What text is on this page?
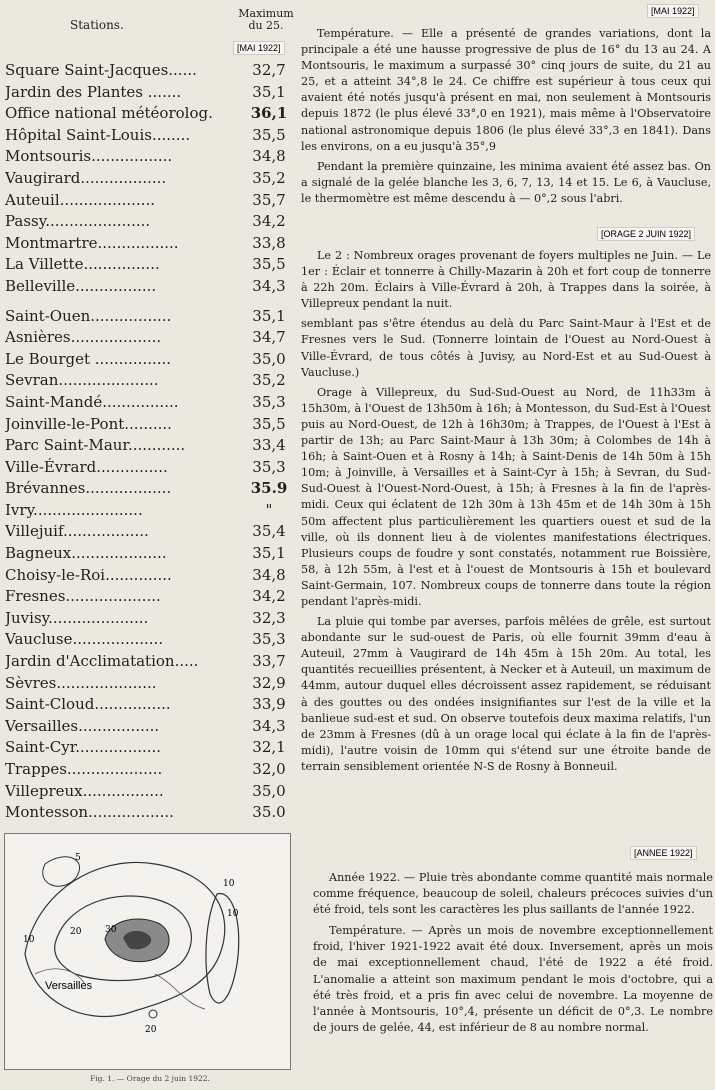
Stations.
Maximum
du 25.
[MAI 1922]
Square Saint-Jacques......	32,7
Jardin des Plantes .......	35,1
Office national météorolog.	36,1
Hôpital Saint-Louis........	35,5
Montsouris.................	34,8
Vaugirard..................	35,2
Auteuil....................	35,7
Passy......................	34,2
Montmartre.................	33,8
La Villette................	35,5
Belleville.................	34,3
Saint-Ouen.................	35,1
Asnières...................	34,7
Le Bourget ................	35,0
Sevran.....................	35,2
Saint-Mandé................	35,3
Joinville-le-Pont..........	35,5
Parc Saint-Maur............	33,4
Ville-Évrard...............	35,3
Brévannes..................	35.9
Ivry.......................	"
Villejuif..................	35,4
Bagneux....................	35,1
Choisy-le-Roi..............	34,8
Fresnes....................	34,2
Juvisy.....................	32,3
Vaucluse...................	35,3
Jardin d'Acclimatation.....	33,7
Sèvres.....................	32,9
Saint-Cloud................	33,9
Versailles.................	34,3
Saint-Cyr..................	32,1
Trappes....................	32,0
Villepreux.................	35,0
Montesson..................	35.0
5
10
20	30
10
10
20
Versailles
Fig. 1. — Orage du 2 juin 1922.
[MAI 1922]

Température. — Elle a présenté de grandes variations, dont la principale a été une hausse progressive de plus de 16° du 13 au 24. A Montsouris, le maximum a surpassé 30° cinq jours de suite, du 21 au 25, et a atteint 34°,8 le 24. Ce chiffre est supérieur à tous ceux qui avaient été notés jusqu'à présent en mai, non seulement à Montsouris depuis 1872 (le plus élevé 33°,0 en 1921), mais même à l'Observatoire national astronomique depuis 1806 (le plus élevé 33°,3 en 1841). Dans les environs, on a eu jusqu'à 35°,9

Pendant la première quinzaine, les minima avaient été assez bas. On a signalé de la gelée blanche les 3, 6, 7, 13, 14 et 15. Le 6, à Vaucluse, le thermomètre est même descendu à — 0°,2 sous l'abri.

[ORAGE 2 JUIN 1922]

Le 2 : Nombreux orages provenant de foyers multiples ne Juin. — Le 1er : Éclair et tonnerre à Chilly-Mazarin à 20h et fort coup de tonnerre à 22h 20m. Éclairs à Ville-Évrard à 20h, à Trappes dans la soirée, à Villepreux pendant la nuit.

semblant pas s'être étendus au delà du Parc Saint-Maur à l'Est et de Fresnes vers le Sud. (Tonnerre lointain de l'Ouest au Nord-Ouest à Ville-Évrard, de tous côtés à Juvisy, au Nord-Est et au Sud-Ouest à Vaucluse.)

Orage à Villepreux, du Sud-Sud-Ouest au Nord, de 11h33m à 15h30m, à l'Ouest de 13h50m à 16h; à Montesson, du Sud-Est à l'Ouest puis au Nord-Ouest, de 12h à 16h30m; à Trappes, de l'Ouest à l'Est à partir de 13h; au Parc Saint-Maur à 13h 30m; à Colombes de 14h à 16h; à Saint-Ouen et à Rosny à 14h; à Saint-Denis de 14h 50m à 15h 10m; à Joinville, à Versailles et à Saint-Cyr à 15h; à Sevran, du Sud-Sud-Ouest à l'Ouest-Nord-Ouest, à 15h; à Fresnes à la fin de l'après-midi. Ceux qui éclatent de 12h 30m à 13h 45m et de 14h 30m à 15h 50m affectent plus particulièrement les quartiers ouest et sud de la ville, où ils donnent lieu à de violentes manifestations électriques. Plusieurs coups de foudre y sont constatés, notamment rue Boissière, 58, à 12h 55m, à l'est et à l'ouest de Montsouris à 15h et boulevard Saint-Germain, 107. Nombreux coups de tonnerre dans toute la région pendant l'après-midi.

La pluie qui tombe par averses, parfois mêlées de grêle, est surtout abondante sur le sud-ouest de Paris, où elle fournit 39mm d'eau à Auteuil, 27mm à Vaugirard de 14h 45m à 15h 20m. Au total, les quantités recueillies présentent, à Necker et à Auteuil, un maximum de 44mm, autour duquel elles décroissent assez rapidement, se réduisant à des gouttes ou des ondées insignifiantes sur l'est de la ville et la banlieue sud-est et sud. On observe toutefois deux maxima relatifs, l'un de 23mm à Fresnes (dû à un orage local qui éclate à la fin de l'après-midi), l'autre voisin de 10mm qui s'étend sur une étroite bande de terrain sensiblement orientée N-S de Rosny à Bonneuil.

[ANNEE 1922]

Année 1922. — Pluie très abondante comme quantité mais normale comme fréquence, beaucoup de soleil, chaleurs précoces suivies d'un été froid, tels sont les caractères les plus saillants de l'année 1922.

Température. — Après un mois de novembre exceptionnellement froid, l'hiver 1921-1922 avait été doux. Inversement, après un mois de mai exceptionnellement chaud, l'été de 1922 a été froid. L'anomalie a atteint son maximum pendant le mois d'octobre, qui a été très froid, et a pris fin avec celui de novembre. La moyenne de l'année à Montsouris, 10°,4, présente un déficit de 0°,3. Le nombre de jours de gelée, 44, est inférieur de 8 au nombre normal.
